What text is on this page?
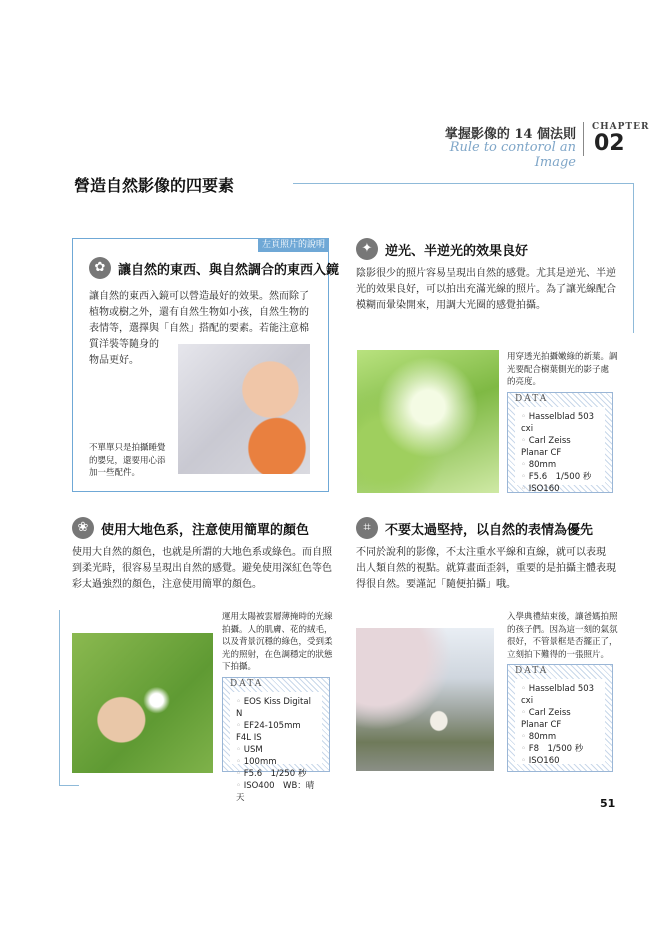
掌握影像的 14 個法則
Rule to contorol an Image
CHAPTER
02
營造自然影像的四要素
左頁照片的說明
✿ 讓自然的東西、與自然調合的東西入鏡
讓自然的東西入鏡可以營造最好的效果。然而除了
植物或樹之外，還有自然生物如小孩，自然生物的
表情等，選擇與「自然」搭配的要素。若能注意棉
質洋裝等隨身的
物品更好。
不單單只是拍攝睡覺
的嬰兒，還要用心添
加一些配件。
✦ 逆光、半逆光的效果良好
陰影很少的照片容易呈現出自然的感覺。尤其是逆光、半逆
光的效果良好，可以拍出充滿光線的照片。為了讓光線配合
模糊而暈染開來，用調大光圈的感覺拍攝。
用穿透光拍攝嫩綠的新葉。調
光要配合樹葉側光的影子處
的亮度。
DATA
◦ Hasselblad 503 cxi
◦ Carl Zeiss Planar CF
◦ 80mm
◦ F5.6　1/500 秒
◦ ISO160
❀ 使用大地色系，注意使用簡單的顏色
使用大自然的顏色，也就是所謂的大地色系或綠色。而自照
到柔光時，很容易呈現出自然的感覺。避免使用深紅色等色
彩太過強烈的顏色，注意使用簡單的顏色。
運用太陽被雲層薄掩時的光線
拍攝。人的肌膚、花的絨毛，
以及背景沉穩的綠色，受到柔
光的照射，在色調穩定的狀態
下拍攝。
DATA
◦ EOS Kiss Digital N
◦ EF24-105mm F4L IS
◦ USM
◦ 100mm
◦ F5.6　1/250 秒
◦ ISO400　WB：晴天
⌗	不要太過堅持，以自然的表情為優先
不同於說利的影像，不太注重水平線和直線，就可以表現
出人類自然的視點。就算畫面歪斜，重要的是拍攝主體表現
得很自然。要謹記「隨便拍攝」哦。
入學典禮結束後，讓爸媽拍照
的孩子們。因為這一刻的氣氛
很好，不管景框是否擺正了，
立刻拍下難得的一張照片。
DATA
◦ Hasselblad 503 cxi
◦ Carl Zeiss Planar CF
◦ 80mm
◦ F8　1/500 秒
◦ ISO160
51
